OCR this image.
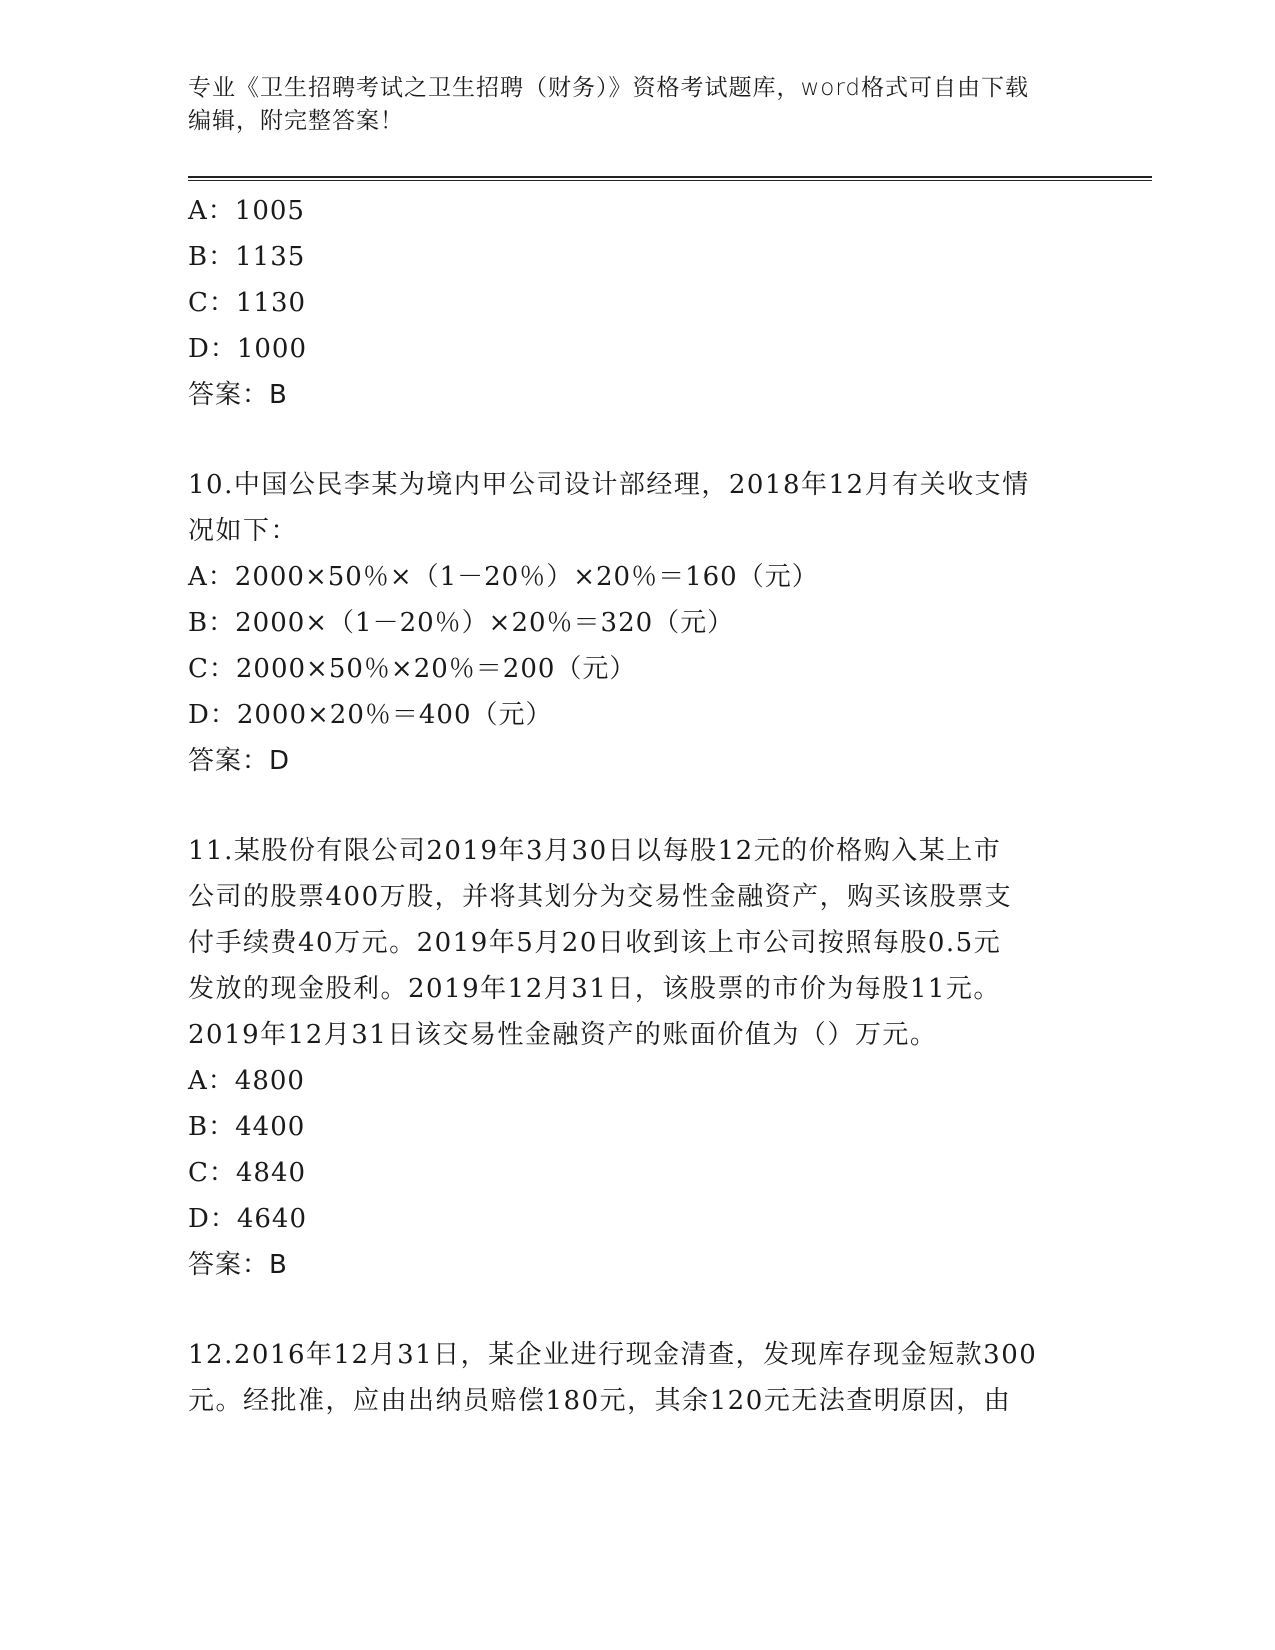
专业《卫生招聘考试之卫生招聘（财务）》资格考试题库，word格式可自由下载
编辑，附完整答案！
A：1005
B：1135
C：1130
D：1000
答案：B
10.中国公民李某为境内甲公司设计部经理，2018年12月有关收支情
况如下：
A：2000×50％×（1－20％）×20％＝160（元）
B：2000×（1－20％）×20％＝320（元）
C：2000×50％×20％＝200（元）
D：2000×20％＝400（元）
答案：D
11.某股份有限公司2019年3月30日以每股12元的价格购入某上市
公司的股票400万股，并将其划分为交易性金融资产，购买该股票支
付手续费40万元。2019年5月20日收到该上市公司按照每股0.5元
发放的现金股利。2019年12月31日，该股票的市价为每股11元。
2019年12月31日该交易性金融资产的账面价值为（）万元。
A：4800
B：4400
C：4840
D：4640
答案：B
12.2016年12月31日，某企业进行现金清查，发现库存现金短款300
元。经批准，应由出纳员赔偿180元，其余120元无法查明原因，由
